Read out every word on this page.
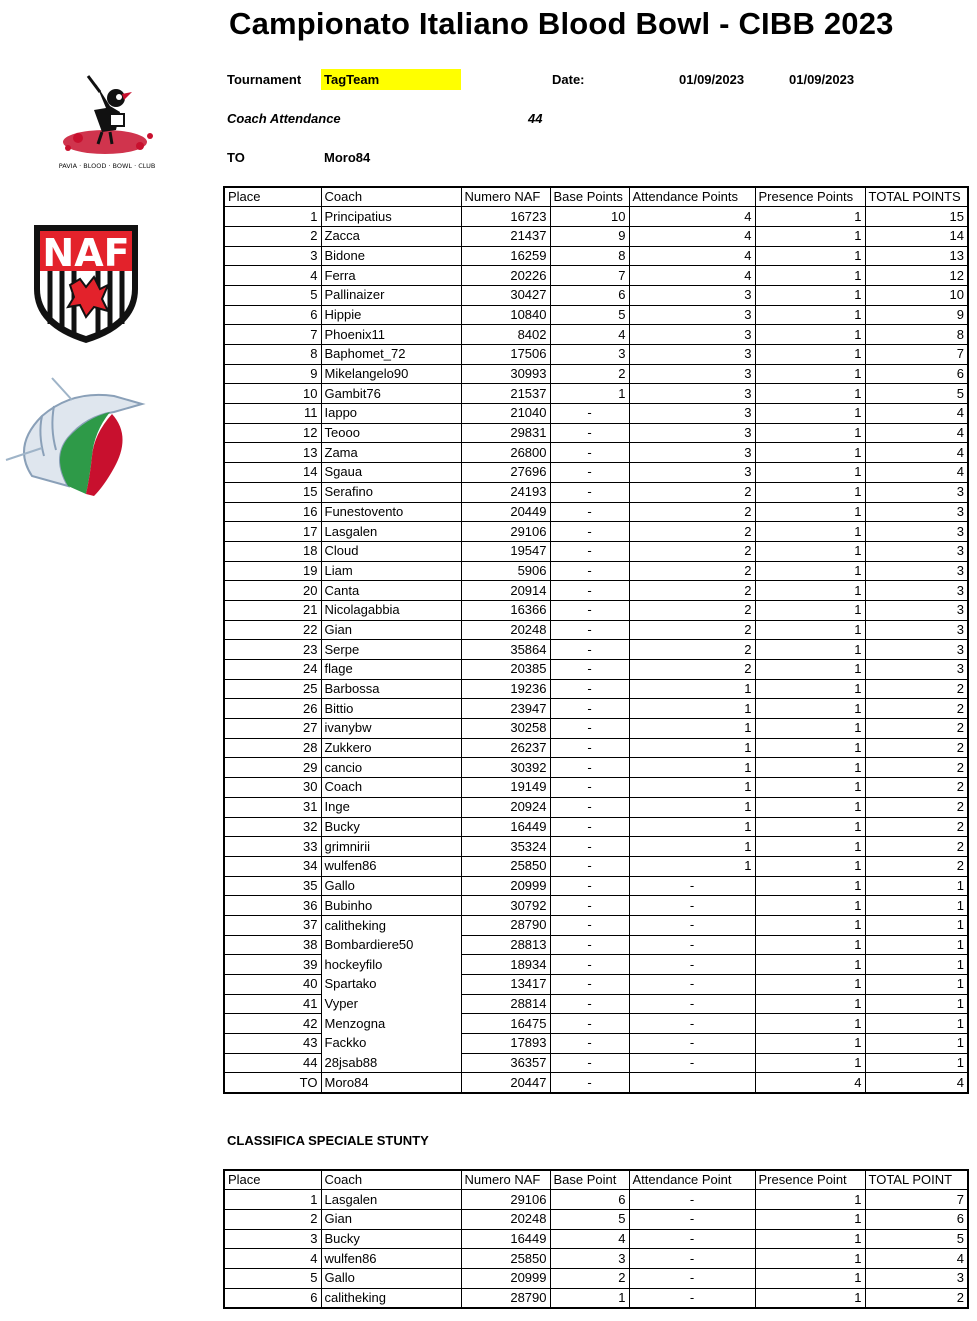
Campionato Italiano Blood Bowl - CIBB 2023
Tournament TagTeam	Date:	01/09/2023	01/09/2023
Coach Attendance	44
TO	Moro84
PAVIA · BLOOD · BOWL · CLUB
NAF
Place	Coach	Numero NAF	Base Points	Attendance Points	Presence Points	TOTAL POINTS
1	Principatius	16723	10	4	1	15
2	Zacca	21437	9	4	1	14
3	Bidone	16259	8	4	1	13
4	Ferra	20226	7	4	1	12
5	Pallinaizer	30427	6	3	1	10
6	Hippie	10840	5	3	1	9
7	Phoenix11	8402	4	3	1	8
8	Baphomet_72	17506	3	3	1	7
9	Mikelangelo90	30993	2	3	1	6
10	Gambit76	21537	1	3	1	5
11	Iappo	21040	-	3	1	4
12	Teooo	29831	-	3	1	4
13	Zama	26800	-	3	1	4
14	Sgaua	27696	-	3	1	4
15	Serafino	24193	-	2	1	3
16	Funestovento	20449	-	2	1	3
17	Lasgalen	29106	-	2	1	3
18	Cloud	19547	-	2	1	3
19	Liam	5906	-	2	1	3
20	Canta	20914	-	2	1	3
21	Nicolagabbia	16366	-	2	1	3
22	Gian	20248	-	2	1	3
23	Serpe	35864	-	2	1	3
24	flage	20385	-	2	1	3
25	Barbossa	19236	-	1	1	2
26	Bittio	23947	-	1	1	2
27	ivanybw	30258	-	1	1	2
28	Zukkero	26237	-	1	1	2
29	cancio	30392	-	1	1	2
30	Coach	19149	-	1	1	2
31	Inge	20924	-	1	1	2
32	Bucky	16449	-	1	1	2
33	grimnirii	35324	-	1	1	2
34	wulfen86	25850	-	1	1	2
35	Gallo	20999	-	-	1	1
36	Bubinho	30792	-	-	1	1
37	calitheking	28790	-	-	1	1
38	Bombardiere50	28813	-	-	1	1
39	hockeyfilo	18934	-	-	1	1
40	Spartako	13417	-	-	1	1
41	Vyper	28814	-	-	1	1
42	Menzogna	16475	-	-	1	1
43	Fackko	17893	-	-	1	1
44	28jsab88	36357	-	-	1	1
TO	Moro84	20447	-		4	4
CLASSIFICA SPECIALE STUNTY
Place	Coach	Numero NAF	Base Point	Attendance Point	Presence Point	TOTAL POINT
1	Lasgalen	29106	6	-	1	7
2	Gian	20248	5	-	1	6
3	Bucky	16449	4	-	1	5
4	wulfen86	25850	3	-	1	4
5	Gallo	20999	2	-	1	3
6	calitheking	28790	1	-	1	2
